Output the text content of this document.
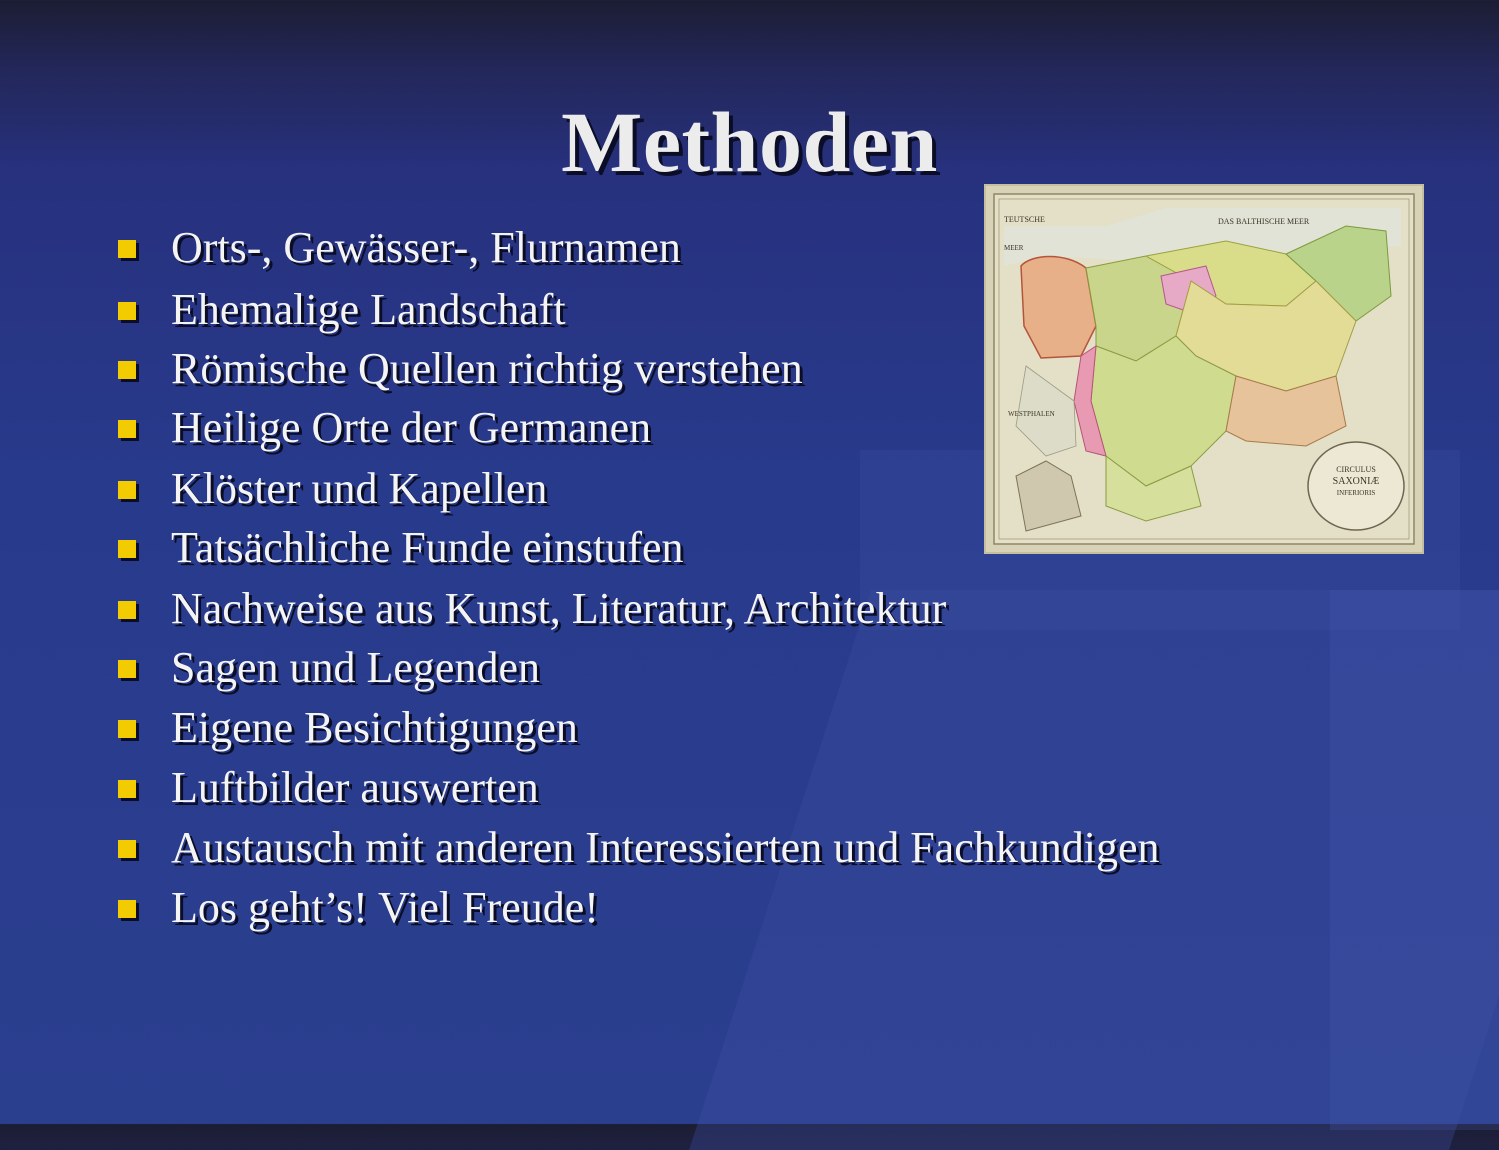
Methoden
Orts-, Gewässer-, Flurnamen
Ehemalige Landschaft
Römische Quellen richtig verstehen
Heilige Orte der Germanen
Klöster und Kapellen
Tatsächliche Funde einstufen
Nachweise aus Kunst, Literatur, Architektur
Sagen und Legenden
Eigene Besichtigungen
Luftbilder auswerten
Austausch mit anderen Interessierten und Fachkundigen
Los geht’s! Viel Freude!
CIRCULUS
SAXONIÆ
INFERIORIS
TEUTSCHE
MEER
DAS BALTHISCHE MEER
WESTPHALEN
